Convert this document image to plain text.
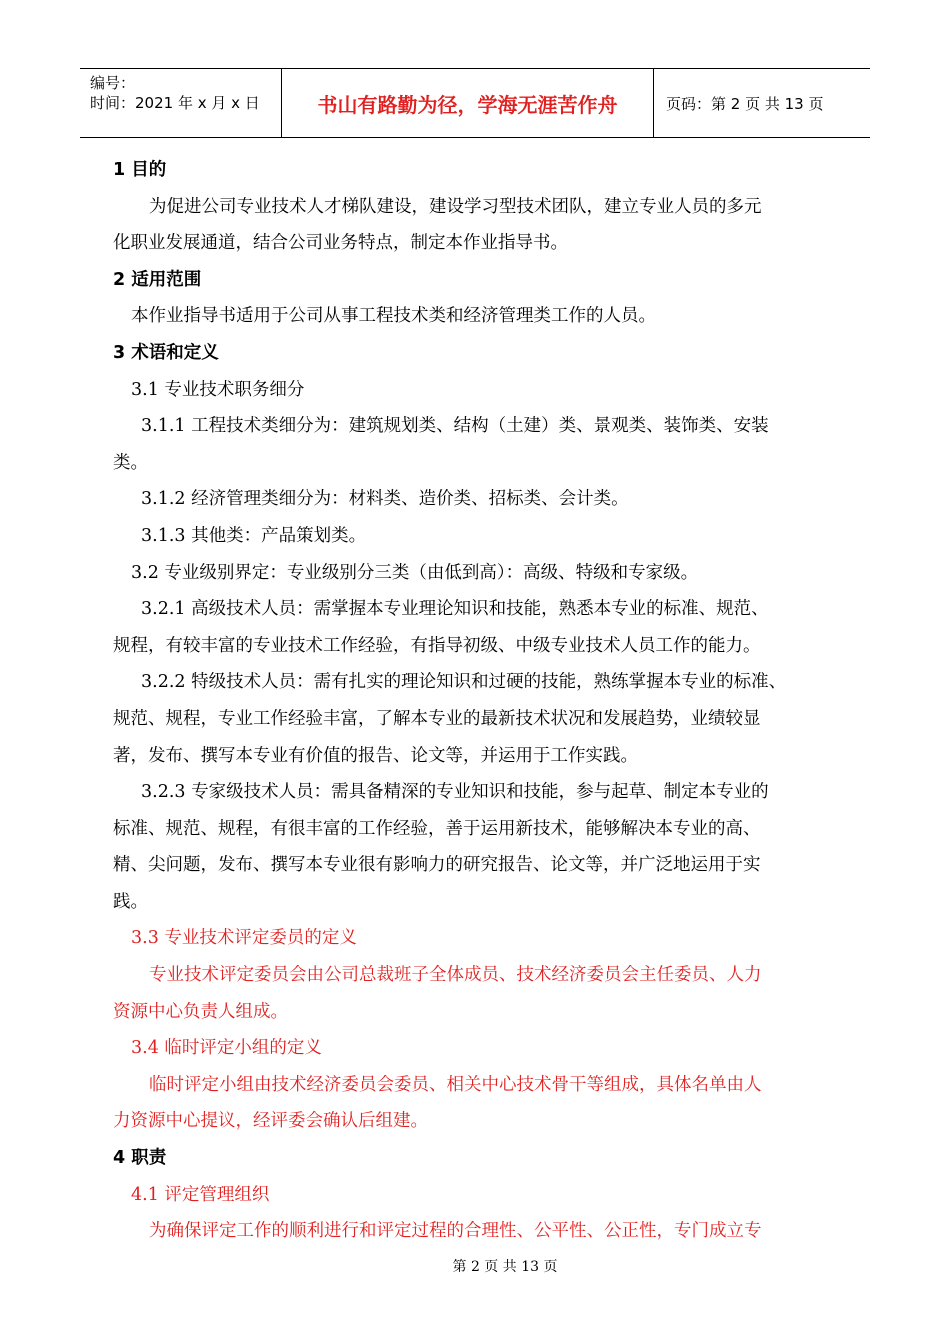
编号：
时间：2021 年 x 月 x 日	书山有路勤为径，学海无涯苦作舟	页码：第 2 页 共 13 页
1 目的
为促进公司专业技术人才梯队建设，建设学习型技术团队，建立专业人员的多元
化职业发展通道，结合公司业务特点，制定本作业指导书。
2 适用范围
本作业指导书适用于公司从事工程技术类和经济管理类工作的人员。
3 术语和定义
3.1 专业技术职务细分
3.1.1 工程技术类细分为：建筑规划类、结构（土建）类、景观类、装饰类、安装
类。
3.1.2 经济管理类细分为：材料类、造价类、招标类、会计类。
3.1.3 其他类：产品策划类。
3.2 专业级别界定：专业级别分三类（由低到高）：高级、特级和专家级。
3.2.1 高级技术人员：需掌握本专业理论知识和技能，熟悉本专业的标准、规范、
规程，有较丰富的专业技术工作经验，有指导初级、中级专业技术人员工作的能力。
3.2.2 特级技术人员：需有扎实的理论知识和过硬的技能，熟练掌握本专业的标准、
规范、规程，专业工作经验丰富，了解本专业的最新技术状况和发展趋势，业绩较显
著，发布、撰写本专业有价值的报告、论文等，并运用于工作实践。
3.2.3 专家级技术人员：需具备精深的专业知识和技能，参与起草、制定本专业的
标准、规范、规程，有很丰富的工作经验，善于运用新技术，能够解决本专业的高、
精、尖问题，发布、撰写本专业很有影响力的研究报告、论文等，并广泛地运用于实
践。
3.3 专业技术评定委员的定义
专业技术评定委员会由公司总裁班子全体成员、技术经济委员会主任委员、人力
资源中心负责人组成。
3.4 临时评定小组的定义
临时评定小组由技术经济委员会委员、相关中心技术骨干等组成，具体名单由人
力资源中心提议，经评委会确认后组建。
4 职责
4.1 评定管理组织
为确保评定工作的顺利进行和评定过程的合理性、公平性、公正性，专门成立专
第 2 页 共 13 页
